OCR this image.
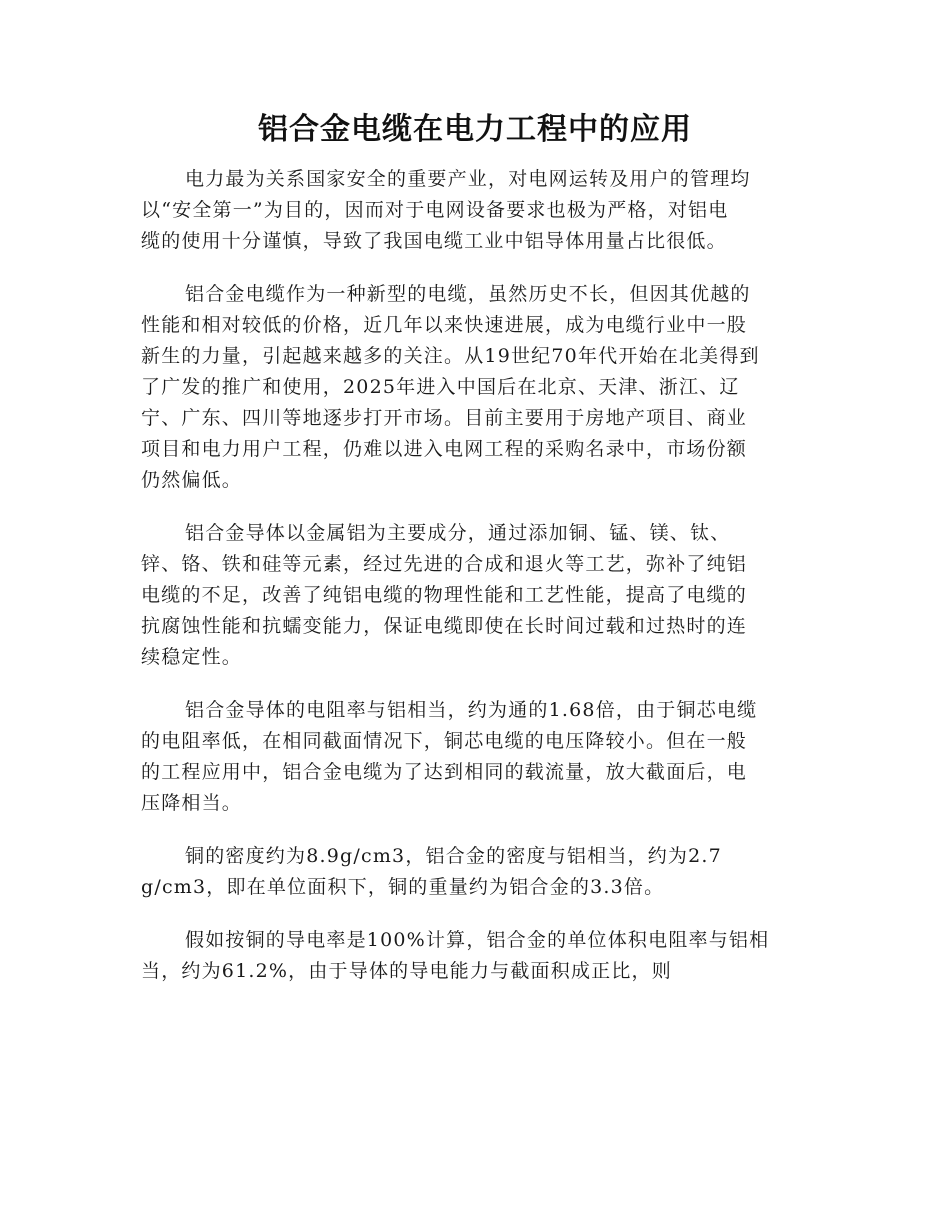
铝合金电缆在电力工程中的应用
电力最为关系国家安全的重要产业，对电网运转及用户的管理均
以“安全第一”为目的，因而对于电网设备要求也极为严格，对铝电
缆的使用十分谨慎，导致了我国电缆工业中铝导体用量占比很低。
铝合金电缆作为一种新型的电缆，虽然历史不长，但因其优越的
性能和相对较低的价格，近几年以来快速进展，成为电缆行业中一股
新生的力量，引起越来越多的关注。从19世纪70年代开始在北美得到
了广发的推广和使用，2025年进入中国后在北京、天津、浙江、辽
宁、广东、四川等地逐步打开市场。目前主要用于房地产项目、商业
项目和电力用户工程，仍难以进入电网工程的采购名录中，市场份额
仍然偏低。
铝合金导体以金属铝为主要成分，通过添加铜、锰、镁、钛、
锌、铬、铁和硅等元素，经过先进的合成和退火等工艺，弥补了纯铝
电缆的不足，改善了纯铝电缆的物理性能和工艺性能，提高了电缆的
抗腐蚀性能和抗蠕变能力，保证电缆即使在长时间过载和过热时的连
续稳定性。
铝合金导体的电阻率与铝相当，约为通的1.68倍，由于铜芯电缆
的电阻率低，在相同截面情况下，铜芯电缆的电压降较小。但在一般
的工程应用中，铝合金电缆为了达到相同的载流量，放大截面后，电
压降相当。
铜的密度约为8.9g/cm3，铝合金的密度与铝相当，约为2.7
g/cm3，即在单位面积下，铜的重量约为铝合金的3.3倍。
假如按铜的导电率是100%计算，铝合金的单位体积电阻率与铝相
当，约为61.2%，由于导体的导电能力与截面积成正比，则
